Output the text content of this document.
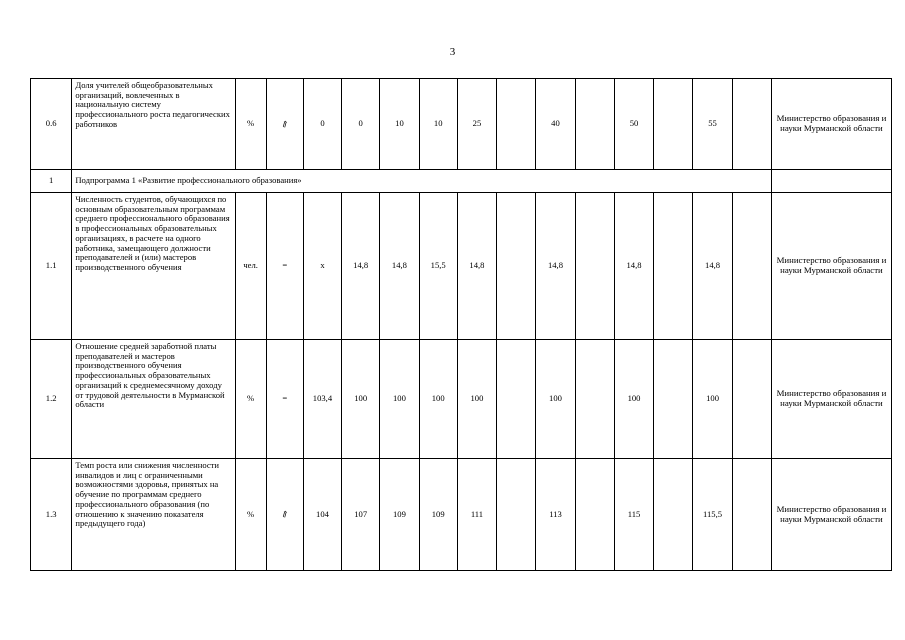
3
0.6	Доля учителей общеобразовательных организаций, вовлеченных в национальную систему профессионального роста педагогических работников	%	⇗	0	0	10	10	25		40		50		55		Министерство образования и науки Мурманской области
1	Подпрограмма 1 «Развитие профессионального образования»															
1.1	Численность студентов, обучающихся по основным образовательным программам среднего профессионального образования в профессиональных образовательных организациях, в расчете на одного работника, замещающего должности преподавателей и (или) мастеров производственного обучения	чел.	=	х	14,8	14,8	15,5	14,8		14,8		14,8		14,8		Министерство образования и науки Мурманской области
1.2	Отношение средней заработной платы преподавателей и мастеров производственного обучения профессиональных образовательных организаций к среднемесячному доходу от трудовой деятельности в Мурманской области	%	=	103,4	100	100	100	100		100		100		100		Министерство образования и науки Мурманской области
1.3	Темп роста или снижения численности инвалидов и лиц с ограниченными возможностями здоровья, принятых на обучение по программам среднего профессионального образования (по отношению к значению показателя предыдущего года)	%	⇗	104	107	109	109	111		113		115		115,5		Министерство образования и науки Мурманской области
